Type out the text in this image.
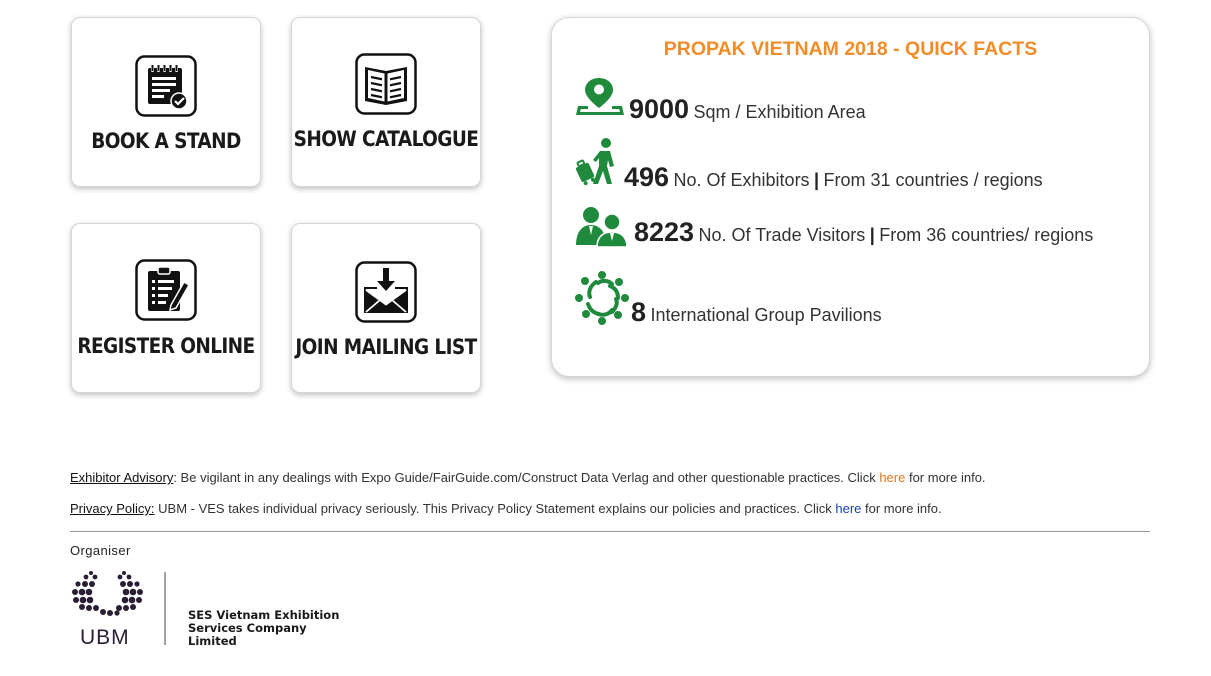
BOOK A STAND	SHOW CATALOGUE
REGISTER ONLINE JOIN MAILING LIST
PROPAK VIETNAM 2018 - QUICK FACTS
9000 Sqm / Exhibition Area
496 No. Of Exhibitors | From 31 countries / regions
8223 No. Of Trade Visitors | From 36 countries/ regions
8 International Group Pavilions
Exhibitor Advisory: Be vigilant in any dealings with Expo Guide/FairGuide.com/Construct Data Verlag and other questionable practices. Click here for more info.
Privacy Policy: UBM - VES takes individual privacy seriously. This Privacy Policy Statement explains our policies and practices. Click here for more info.
Organiser
UBM
SES Vietnam Exhibition
Services Company
Limited
